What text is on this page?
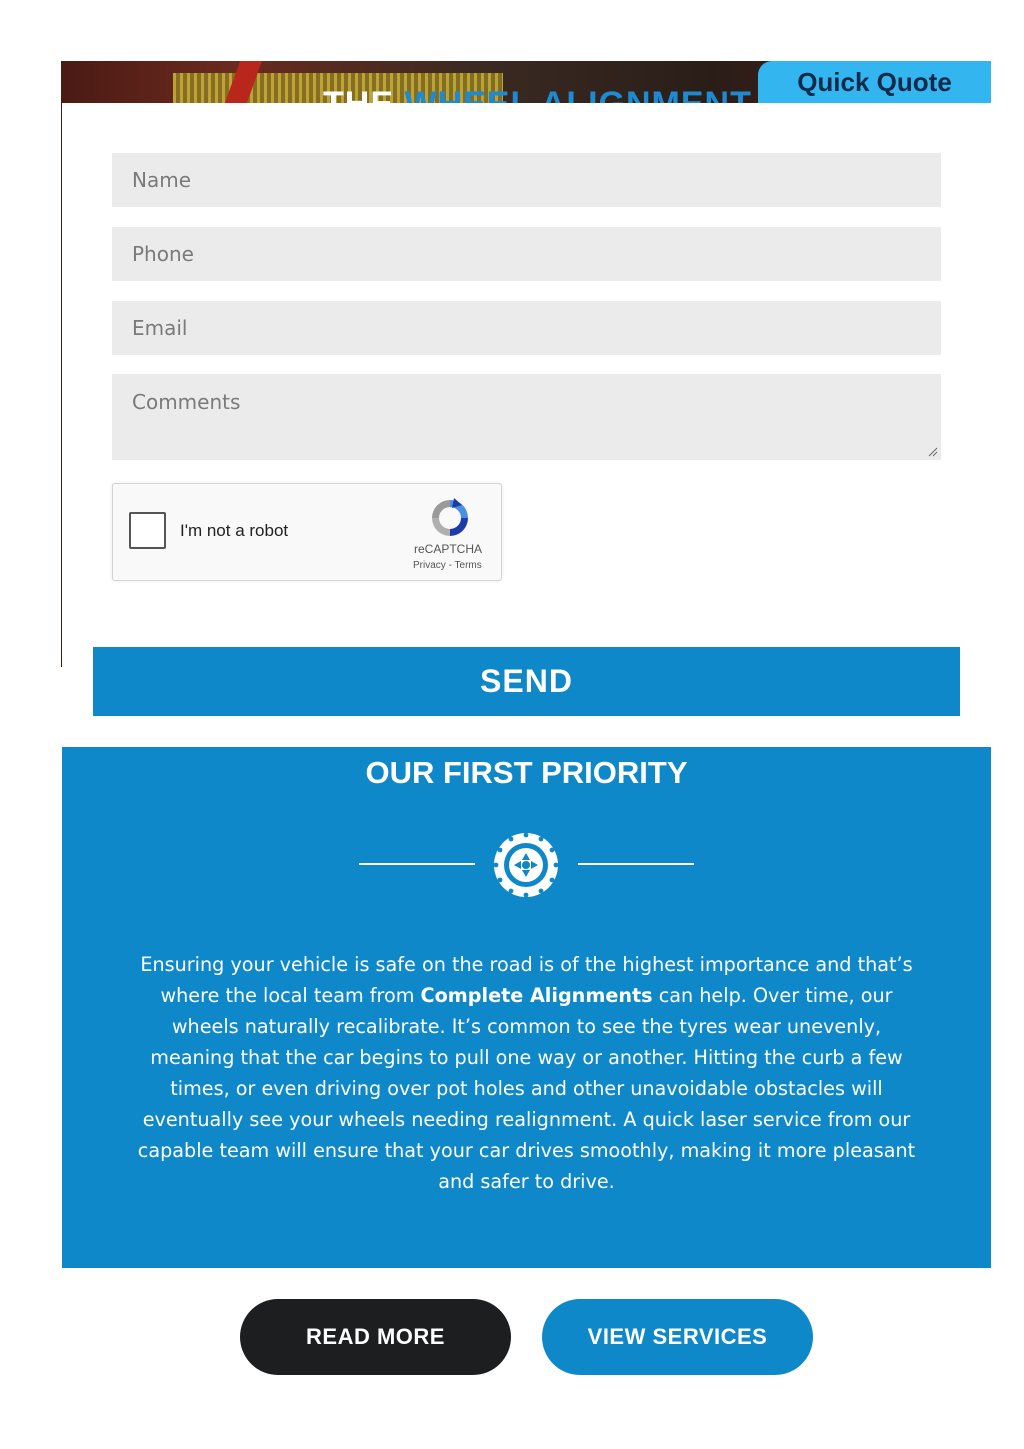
Quick Quote
Name
Phone
Email
Comments
I'm not a robot
reCAPTCHA
Privacy - Terms
SEND
OUR FIRST PRIORITY

Ensuring your vehicle is safe on the road is of the highest importance and that’s where the local team from Complete Alignments can help. Over time, our wheels naturally recalibrate. It’s common to see the tyres wear unevenly, meaning that the car begins to pull one way or another. Hitting the curb a few times, or even driving over pot holes and other unavoidable obstacles will eventually see your wheels needing realignment. A quick laser service from our capable team will ensure that your car drives smoothly, making it more pleasant and safer to drive.

READ MORE	VIEW SERVICES
